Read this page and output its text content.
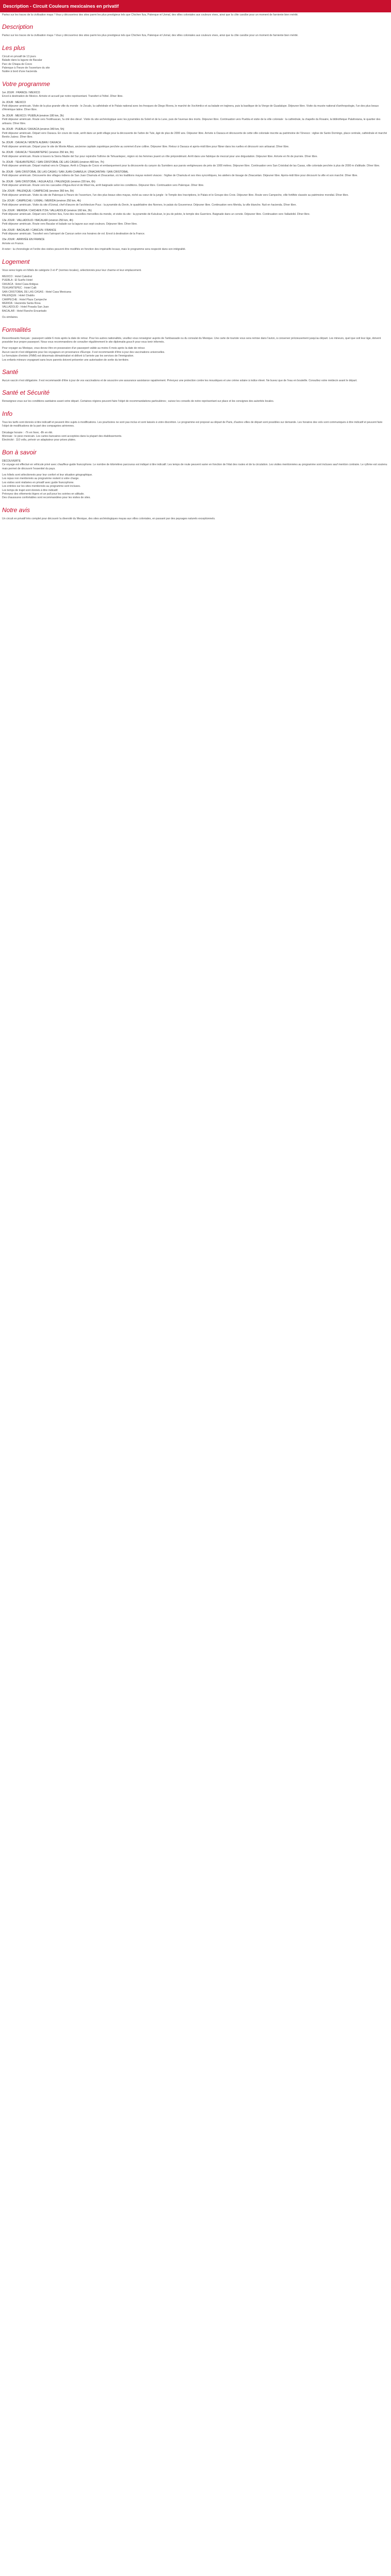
Description - Circuit Couleurs mexicaines en privatif

Partez sur les traces de la civilisation maya ! Vous y découvrirez des sites parmi les plus prestigieux tels que Chichen Itza, Palenque et Uxmal, des villes coloniales aux couleurs vives, ainsi que la côte caraïbe pour un moment de farniente bien mérité.

Description

Partez sur les traces de la civilisation maya ! Vous y découvrirez des sites parmi les plus prestigieux tels que Chichen Itza, Palenque et Uxmal, des villes coloniales aux couleurs vives, ainsi que la côte caraïbe pour un moment de farniente bien mérité.

Les plus
Circuit en privatif de 13 jours
Balade dans la lagune de Bacalar
Parc de Chiapa de Corzo
Palenque à l'heure de l'ouverture du site
Nuitée à bord d'une hacienda
Votre programme
1er JOUR : FRANCE / MEXICO
Envol à destination de Mexico. Arrivée et accueil par notre représentant. Transfert à l'hôtel. Dîner libre.
2e JOUR : MEXICO
Petit déjeuner américain. Visite de la plus grande ville du monde : le Zocalo, la cathédrale et le Palais national avec les fresques de Diego Rivera, le marché de Xochimilco et sa balade en trajinera, puis la basilique de la Vierge de Guadalupe. Déjeuner libre. Visite du musée national d'anthropologie, l'un des plus beaux d'Amérique latine. Dîner libre.
3e JOUR : MEXICO / PUEBLA (environ 180 km, 3h)
Petit déjeuner américain. Route vers Teotihuacan, 'la cité des dieux'. Visite du site archéologique avec les pyramides du Soleil et de la Lune, puis de l'avenue des morts. Déjeuner libre. Continuation vers Puebla et visite de la ville coloniale : la cathédrale, la chapelle du Rosaire, la bibliothèque Palafoxiana, le quartier des artisans. Dîner libre.
4e JOUR : PUEBLA / OAXACA (environ 340 km, 5h)
Petit déjeuner américain. Départ vers Oaxaca. En cours de route, arrêt dans un petit village pour la découverte de l'arbre de Tule, âgé de plus de 2000 ans. Déjeuner libre. Arrivée à Oaxaca et découverte de cette ville coloniale inscrite au patrimoine de l'Unesco : église de Santo Domingo, place centrale, cathédrale et marché Benito Juárez. Dîner libre.
5e JOUR : OAXACA / MONTE ALBAN / OAXACA
Petit déjeuner américain. Départ pour le site de Monte Alban, ancienne capitale zapotèque perchée au sommet d'une colline. Déjeuner libre. Retour à Oaxaca et après-midi libre pour flâner dans les ruelles et découvrir son artisanat. Dîner libre.
6e JOUR : OAXACA / TEHUANTEPEC (environ 250 km, 5h)
Petit déjeuner américain. Route à travers la Sierra Madre del Sur pour rejoindre l'isthme de Tehuantepec, région où les femmes jouent un rôle prépondérant. Arrêt dans une fabrique de mezcal pour une dégustation. Déjeuner libre. Arrivée en fin de journée. Dîner libre.
7e JOUR : TEHUANTEPEC / SAN CRISTOBAL DE LAS CASAS (environ 400 km, 7h)
Petit déjeuner américain. Départ matinal vers le Chiapas. Arrêt à Chiapa de Corzo et embarquement pour la découverte du canyon du Sumidero aux parois vertigineuses de près de 1000 mètres. Déjeuner libre. Continuation vers San Cristobal de las Casas, ville coloniale perchée à plus de 2000 m d'altitude. Dîner libre.
8e JOUR : SAN CRISTOBAL DE LAS CASAS / SAN JUAN CHAMULA / ZINACANTAN / SAN CRISTOBAL
Petit déjeuner américain. Découverte des villages indiens de San Juan Chamula et Zinacantan, où les traditions mayas restent vivaces : l'église de Chamula et ses rites syncrétiques, les ateliers de tissage de Zinacantan. Déjeuner libre. Après-midi libre pour découvrir la ville et son marché. Dîner libre.
9e JOUR : SAN CRISTOBAL / AGUA AZUL / PALENQUE (environ 220 km, 6h)
Petit déjeuner américain. Route vers les cascades d'Agua Azul et de Misol Ha, arrêt baignade selon les conditions. Déjeuner libre. Continuation vers Palenque. Dîner libre.
10e JOUR : PALENQUE / CAMPECHE (environ 360 km, 5h)
Petit déjeuner américain. Visite du site de Palenque à l'heure de l'ouverture, l'un des plus beaux sites mayas, niché au cœur de la jungle : le Temple des Inscriptions, le Palais et le Groupe des Croix. Déjeuner libre. Route vers Campeche, ville fortifiée classée au patrimoine mondial. Dîner libre.
11e JOUR : CAMPECHE / UXMAL / MERIDA (environ 250 km, 4h)
Petit déjeuner américain. Visite du site d'Uxmal, chef-d'œuvre de l'architecture Puuc : la pyramide du Devin, le quadrilatère des Nonnes, le palais du Gouverneur. Déjeuner libre. Continuation vers Merida, la ville blanche. Nuit en hacienda. Dîner libre.
12e JOUR : MERIDA / CHICHEN ITZA / VALLADOLID (environ 160 km, 3h)
Petit déjeuner américain. Départ vers Chichen Itza, l'une des nouvelles merveilles du monde, et visite du site : la pyramide de Kukulcan, le jeu de pelote, le temple des Guerriers. Baignade dans un cenote. Déjeuner libre. Continuation vers Valladolid. Dîner libre.
13e JOUR : VALLADOLID / BACALAR (environ 250 km, 4h)
Petit déjeuner américain. Route vers Bacalar et balade sur la lagune aux sept couleurs. Déjeuner libre. Dîner libre.
14e JOUR : BACALAR / CANCUN / FRANCE
Petit déjeuner américain. Transfert vers l'aéroport de Cancun selon vos horaires de vol. Envol à destination de la France.
15e JOUR : ARRIVÉE EN FRANCE
Arrivée en France.

A noter : la chronologie et l'ordre des visites peuvent être modifiés en fonction des impératifs locaux, mais le programme sera respecté dans son intégralité.

Logement

Vous serez logés en hôtels de catégorie 3 et 4* (normes locales), sélectionnés pour leur charme et leur emplacement.

MEXICO : Hotel Catedral
PUEBLA : El Sueño Hotel
OAXACA : Hotel Casa Antigua
TEHUANTEPEC : Hotel Calli
SAN CRISTOBAL DE LAS CASAS : Hotel Casa Mexicana
PALENQUE : Hotel Chablis
CAMPECHE : Hotel Plaza Campeche
MERIDA : Hacienda Santa Rosa
VALLADOLID : Hotel Posada San Juan
BACALAR : Hotel Rancho Encantado

Ou similaires.

Formalités

Ressortissants français : passeport valide 6 mois après la date de retour. Pour les autres nationalités, veuillez vous renseigner auprès de l'ambassade ou du consulat du Mexique. Une carte de touriste vous sera remise dans l'avion, à conserver précieusement jusqu'au départ. Les mineurs, quel que soit leur âge, doivent posséder leur propre passeport. Nous vous recommandons de consulter régulièrement le site diplomatie.gouv.fr pour vous tenir informés.

Pour voyager au Mexique, vous devez être en possession d'un passeport valide au moins 6 mois après la date de retour.
Aucun vaccin n'est obligatoire pour les voyageurs en provenance d'Europe. Il est recommandé d'être à jour des vaccinations universelles.
Le formulaire d'entrée (FMM) est désormais dématérialisé et délivré à l'arrivée par les services de l'immigration.
Les enfants mineurs voyageant sans leurs parents doivent présenter une autorisation de sortie du territoire.
Santé

Aucun vaccin n'est obligatoire. Il est recommandé d'être à jour de vos vaccinations et de souscrire une assurance assistance rapatriement. Prévoyez une protection contre les moustiques et une crème solaire à indice élevé. Ne buvez que de l'eau en bouteille. Consultez votre médecin avant le départ.

Santé et Sécurité

Renseignez-vous sur les conditions sanitaires avant votre départ. Certaines régions peuvent faire l'objet de recommandations particulières ; suivez les conseils de notre représentant sur place et les consignes des autorités locales.

Info

Tous les tarifs sont donnés à titre indicatif et peuvent être sujets à modifications. Les pourboires ne sont pas inclus et sont laissés à votre discrétion. Le programme est proposé au départ de Paris, d'autres villes de départ sont possibles sur demande. Les horaires des vols sont communiqués à titre indicatif et peuvent faire l'objet de modifications de la part des compagnies aériennes.

Décalage horaire : -7h en hiver, -8h en été.
Monnaie : le peso mexicain. Les cartes bancaires sont acceptées dans la plupart des établissements.
Électricité : 110 volts, prévoir un adaptateur pour prises plates.
Bon à savoir
DÉCOUVERTE

Ce voyage est effectué en véhicule privé avec chauffeur-guide francophone. Le nombre de kilomètres parcourus est indiqué à titre indicatif. Les temps de route peuvent varier en fonction de l'état des routes et de la circulation. Les visites mentionnées au programme sont incluses sauf mention contraire. Le rythme est soutenu mais permet de découvrir l'essentiel du pays.

Les hôtels sont sélectionnés pour leur confort et leur situation géographique.
Les repas non mentionnés au programme restent à votre charge.
Les visites sont réalisées en privatif avec guide francophone.
Les entrées sur les sites mentionnés au programme sont incluses.
Les temps de trajet sont donnés à titre indicatif.
Prévoyez des vêtements légers et un pull pour les soirées en altitude.
Des chaussures confortables sont recommandées pour les visites de sites.
Notre avis

Un circuit en privatif très complet pour découvrir la diversité du Mexique, des sites archéologiques mayas aux villes coloniales, en passant par des paysages naturels exceptionnels.
